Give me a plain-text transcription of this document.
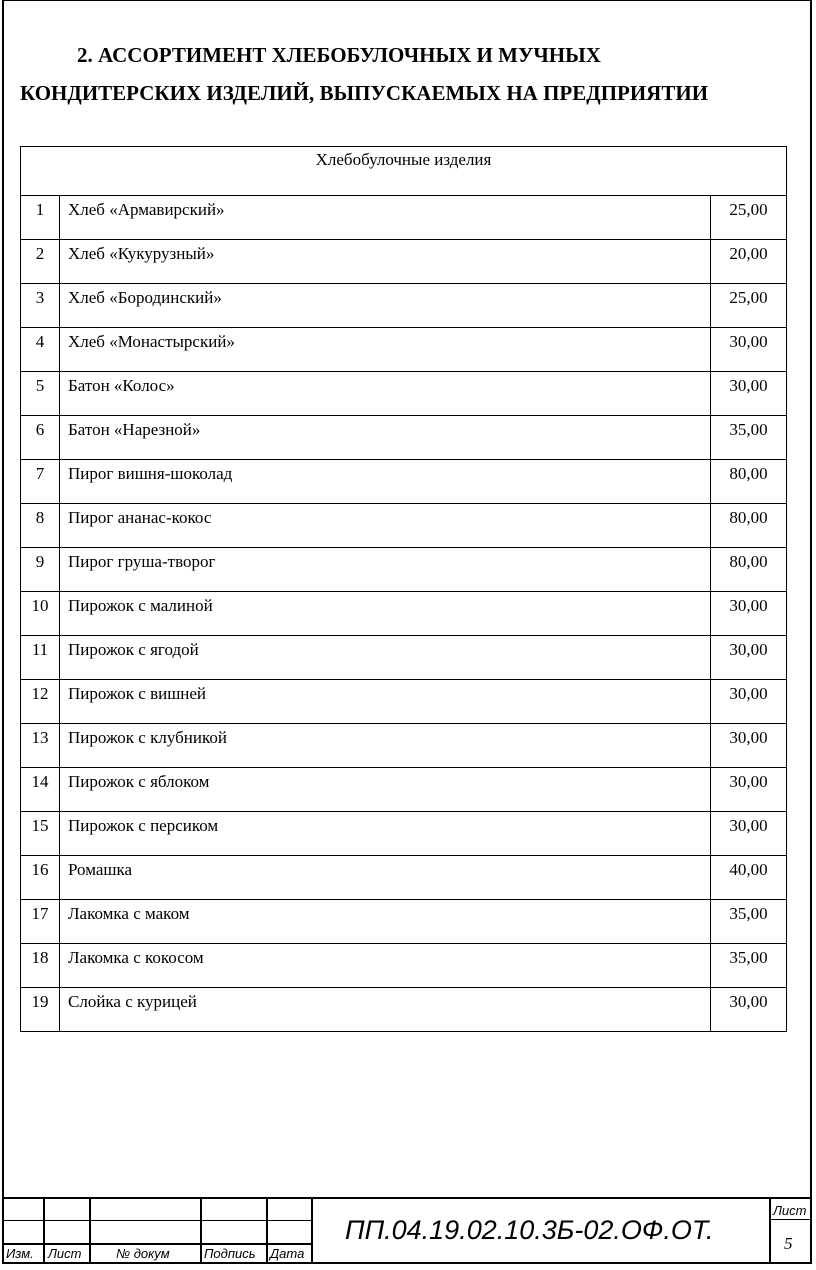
2. АССОРТИМЕНТ ХЛЕБОБУЛОЧНЫХ И МУЧНЫХ
КОНДИТЕРСКИХ ИЗДЕЛИЙ, ВЫПУСКАЕМЫХ НА ПРЕДПРИЯТИИ
Хлебобулочные изделия		
1	Хлеб «Армавирский»	25,00
2	Хлеб «Кукурузный»	20,00
3	Хлеб «Бородинский»	25,00
4	Хлеб «Монастырский»	30,00
5	Батон «Колос»	30,00
6	Батон «Нарезной»	35,00
7	Пирог вишня-шоколад	80,00
8	Пирог ананас-кокос	80,00
9	Пирог груша-творог	80,00
10	Пирожок с малиной	30,00
11	Пирожок с ягодой	30,00
12	Пирожок с вишней	30,00
13	Пирожок с клубникой	30,00
14	Пирожок с яблоком	30,00
15	Пирожок с персиком	30,00
16	Ромашка	40,00
17	Лакомка с маком	35,00
18	Лакомка с кокосом	35,00
19	Слойка с курицей	30,00
Изм. Лист	№ докум	Подпись Дата
Лист
ПП.04.19.02.10.3Б-02.ОФ.ОТ.	5
